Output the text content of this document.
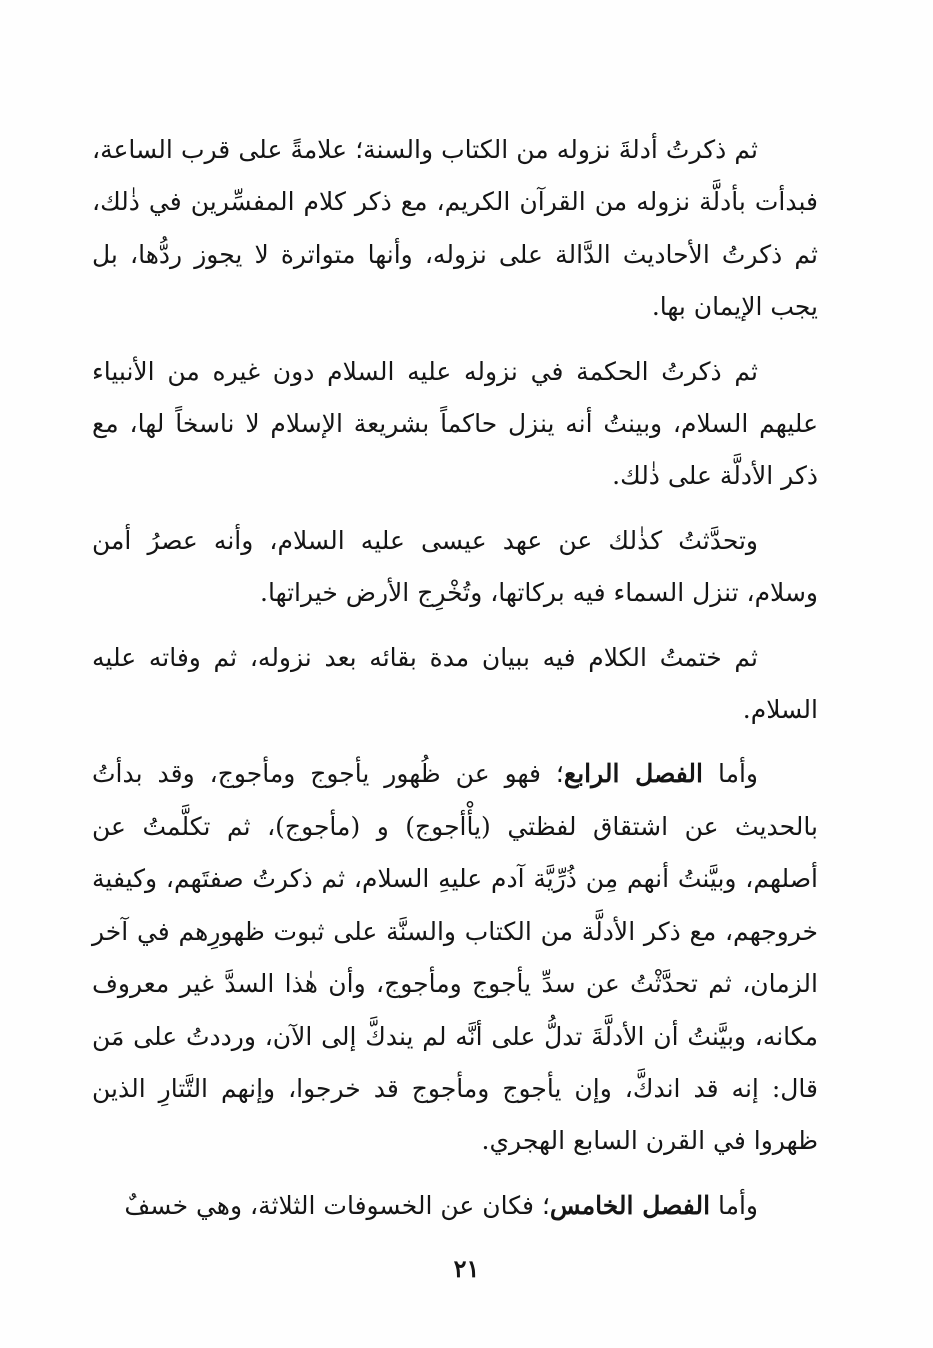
ثم ذكرتُ أدلةَ نزوله من الكتاب والسنة؛ علامةً على قرب الساعة، فبدأت بأدلَّة نزوله من القرآن الكريم، مع ذكر كلام المفسِّرين في ذٰلك، ثم ذكرتُ الأحاديث الدَّالة على نزوله، وأنها متواترة لا يجوز ردُّها، بل يجب الإيمان بها.

ثم ذكرتُ الحكمة في نزوله عليه السلام دون غيره من الأنبياء عليهم السلام، وبينتُ أنه ينزل حاكماً بشريعة الإسلام لا ناسخاً لها، مع ذكر الأدلَّة على ذٰلك.

وتحدَّثتُ كذٰلك عن عهد عيسى عليه السلام، وأنه عصرُ أمن وسلام، تنزل السماء فيه بركاتها، وتُخْرِج الأرض خيراتها.

ثم ختمتُ الكلام فيه ببيان مدة بقائه بعد نزوله، ثم وفاته عليه السلام.

وأما الفصل الرابع؛ فهو عن ظُهور يأجوج ومأجوج، وقد بدأتُ بالحديث عن اشتقاق لفظتي (يأْأجوج) و (مأجوج)، ثم تكلَّمتُ عن أصلهم، وبيَّنتُ أنهم مِن ذُرِّيَّة آدم عليهِ السلام، ثم ذكرتُ صفتَهم، وكيفية خروجهم، مع ذكر الأدلَّة من الكتاب والسنَّة على ثبوت ظهورِهم في آخر الزمان، ثم تحدَّثْتُ عن سدِّ يأجوج ومأجوج، وأن هٰذا السدَّ غير معروف مكانه، وبيَّنتُ أن الأدلَّةَ تدلُّ على أنَّه لم يندكَّ إلى الآن، ورددتُ على مَن قال: إنه قد اندكَّ، وإن يأجوج ومأجوج قد خرجوا، وإنهم التَّتارِ الذين ظهروا في القرن السابع الهجري.

وأما الفصل الخامس؛ فكان عن الخسوفات الثلاثة، وهي خسفٌ

٢١
